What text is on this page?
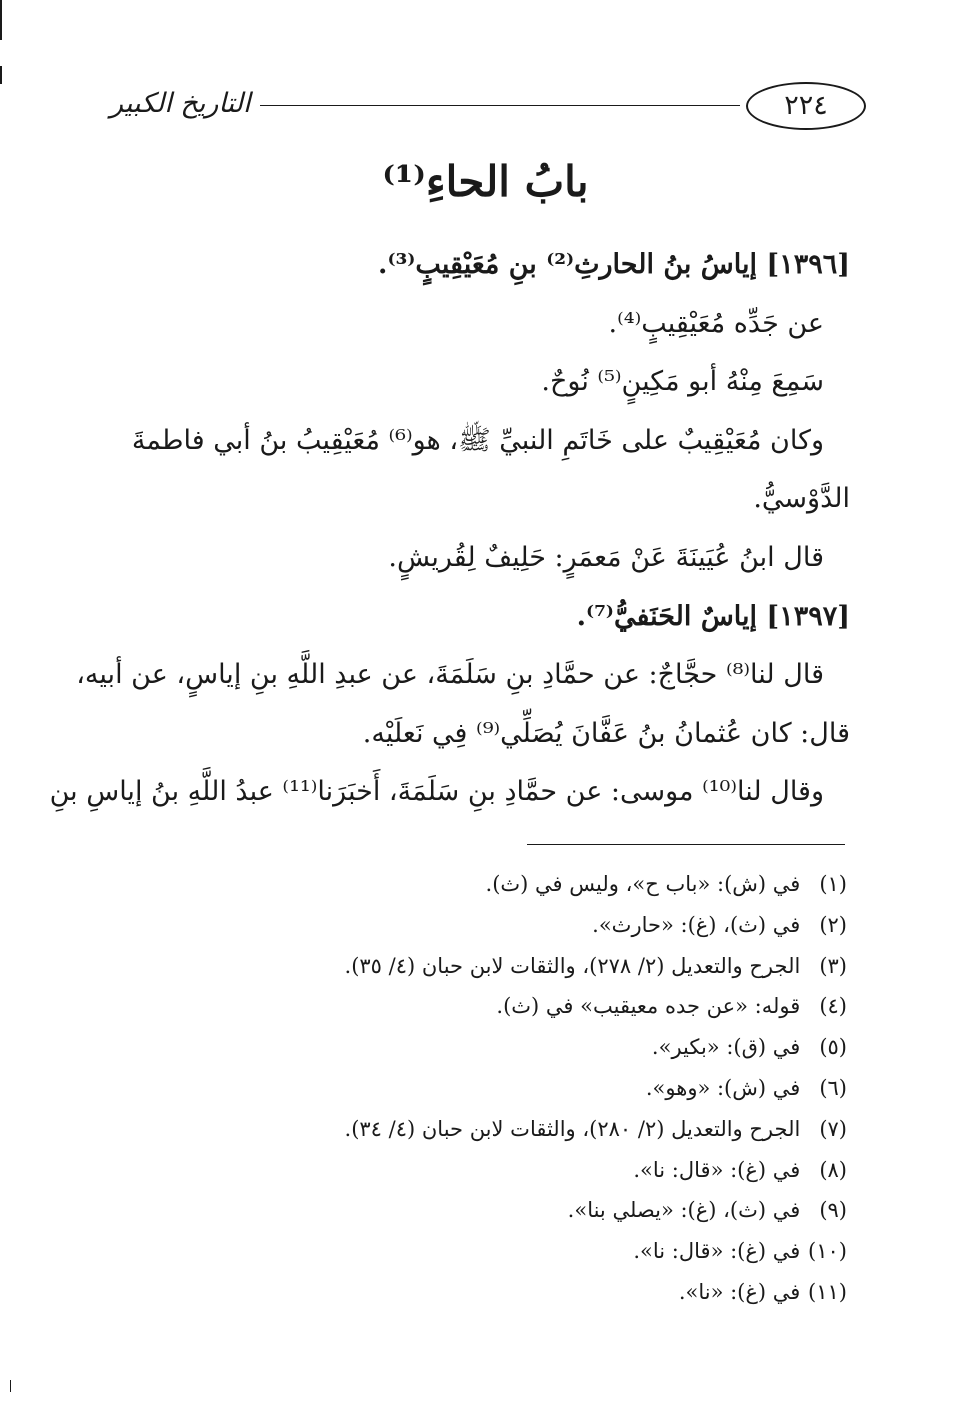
التاريخ الكبير	٢٢٤
بابُ الحاءِ⁽¹⁾

[١٣٩٦] إياسُ بنُ الحارثِ⁽²⁾ بنِ مُعَيْقِيبٍ⁽³⁾.

عن جَدِّه مُعَيْقِيبٍ⁽⁴⁾.

سَمِعَ مِنْهُ أبو مَكِينٍ⁽⁵⁾ نُوحٌ.

وكان مُعَيْقِيبٌ على خَاتَمِ النبيِّ ﷺ، هو⁽⁶⁾ مُعَيْقِيبُ بنُ أبي فاطمةَ

الدَّوْسيُّ.

قال ابنُ عُيَينَةَ عَنْ مَعمَرٍ: حَلِيفٌ لِقُريشٍ.

[١٣٩٧] إياسٌ الحَنَفيُّ⁽⁷⁾.

قال لنا⁽⁸⁾ حجَّاجٌ: عن حمَّادِ بنِ سَلَمَةَ، عن عبدِ اللَّهِ بنِ إياسٍ، عن أبيه،

قال: كان عُثمانُ بنُ عَفَّانَ يُصَلِّي⁽⁹⁾ فِي نَعلَيْه.

وقال لنا⁽¹⁰⁾ موسى: عن حمَّادِ بنِ سَلَمَةَ، أَخبَرَنا⁽¹¹⁾ عبدُ اللَّهِ بنُ إياسِ بنِ

(١) في (ش): «باب ح»، وليس في (ث).

(٢) في (ث)، (غ): «حارث».

(٣) الجرح والتعديل (٢/ ٢٧٨)، والثقات لابن حبان (٤/ ٣٥).

(٤) قوله: «عن جده معيقيب» في (ث).

(٥) في (ق): «بكير».

(٦) في (ش): «وهو».

(٧) الجرح والتعديل (٢/ ٢٨٠)، والثقات لابن حبان (٤/ ٣٤).

(٨) في (غ): «قال: نا».

(٩) في (ث)، (غ): «يصلي بنا».

(١٠) في (غ): «قال: نا».

(١١) في (غ): «نا».
